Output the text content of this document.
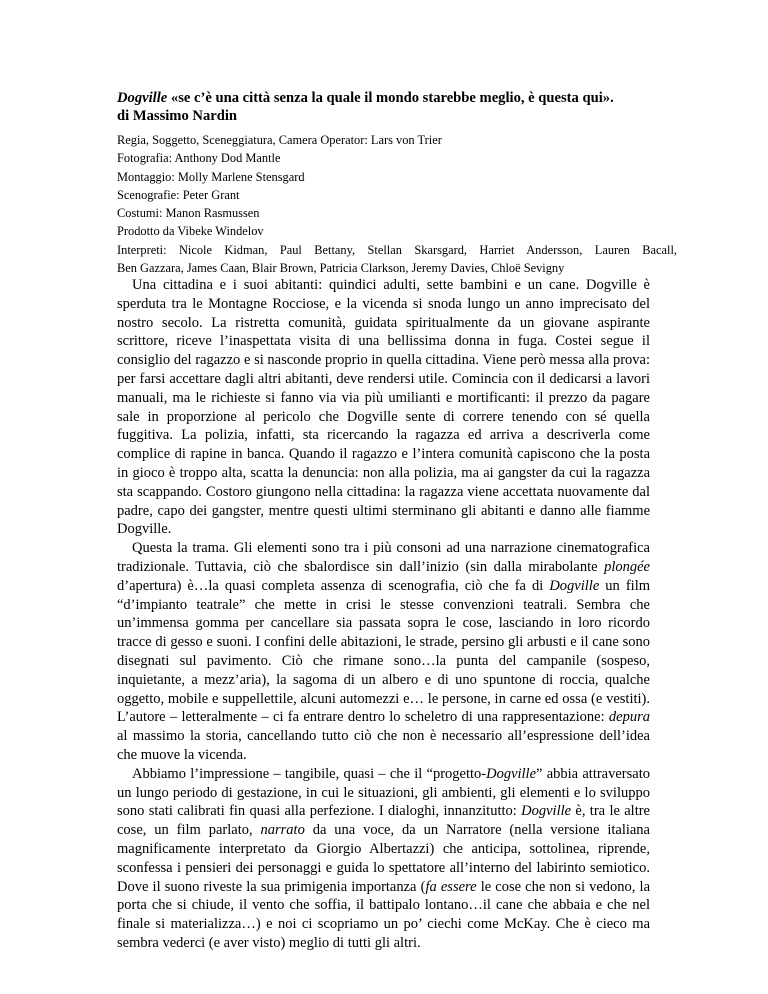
Dogville «se c’è una città senza la quale il mondo starebbe meglio, è questa qui».
di Massimo Nardin
Regia, Soggetto, Sceneggiatura, Camera Operator: Lars von Trier
Fotografia: Anthony Dod Mantle
Montaggio: Molly Marlene Stensgard
Scenografie: Peter Grant
Costumi: Manon Rasmussen
Prodotto da Vibeke Windelov
Interpreti: Nicole Kidman, Paul Bettany, Stellan Skarsgard, Harriet Andersson, Lauren Bacall,
Ben Gazzara, James Caan, Blair Brown, Patricia Clarkson, Jeremy Davies, Chloë Sevigny

Una cittadina e i suoi abitanti: quindici adulti, sette bambini e un cane. Dogville è sperduta tra le Montagne Rocciose, e la vicenda si snoda lungo un anno imprecisato del nostro secolo. La ristretta comunità, guidata spiritualmente da un giovane aspirante scrittore, riceve l’inaspettata visita di una bellissima donna in fuga. Costei segue il consiglio del ragazzo e si nasconde proprio in quella cittadina. Viene però messa alla prova: per farsi accettare dagli altri abitanti, deve rendersi utile. Comincia con il dedicarsi a lavori manuali, ma le richieste si fanno via via più umilianti e mortificanti: il prezzo da pagare sale in proporzione al pericolo che Dogville sente di correre tenendo con sé quella fuggitiva. La polizia, infatti, sta ricercando la ragazza ed arriva a descriverla come complice di rapine in banca. Quando il ragazzo e l’intera comunità capiscono che la posta in gioco è troppo alta, scatta la denuncia: non alla polizia, ma ai gangster da cui la ragazza sta scappando. Costoro giungono nella cittadina: la ragazza viene accettata nuovamente dal padre, capo dei gangster, mentre questi ultimi sterminano gli abitanti e danno alle fiamme Dogville.

Questa la trama. Gli elementi sono tra i più consoni ad una narrazione cinematografica tradizionale. Tuttavia, ciò che sbalordisce sin dall’inizio (sin dalla mirabolante plongée d’apertura) è…la quasi completa assenza di scenografia, ciò che fa di Dogville un film “d’impianto teatrale” che mette in crisi le stesse convenzioni teatrali. Sembra che un’immensa gomma per cancellare sia passata sopra le cose, lasciando in loro ricordo tracce di gesso e suoni. I confini delle abitazioni, le strade, persino gli arbusti e il cane sono disegnati sul pavimento. Ciò che rimane sono…la punta del campanile (sospeso, inquietante, a mezz’aria), la sagoma di un albero e di uno spuntone di roccia, qualche oggetto, mobile e suppellettile, alcuni automezzi e… le persone, in carne ed ossa (e vestiti). L’autore – letteralmente – ci fa entrare dentro lo scheletro di una rappresentazione: depura al massimo la storia, cancellando tutto ciò che non è necessario all’espressione dell’idea che muove la vicenda.

Abbiamo l’impressione – tangibile, quasi – che il “progetto-Dogville” abbia attraversato un lungo periodo di gestazione, in cui le situazioni, gli ambienti, gli elementi e lo sviluppo sono stati calibrati fin quasi alla perfezione. I dialoghi, innanzitutto: Dogville è, tra le altre cose, un film parlato, narrato da una voce, da un Narratore (nella versione italiana magnificamente interpretato da Giorgio Albertazzi) che anticipa, sottolinea, riprende, sconfessa i pensieri dei personaggi e guida lo spettatore all’interno del labirinto semiotico. Dove il suono riveste la sua primigenia importanza (fa essere le cose che non si vedono, la porta che si chiude, il vento che soffia, il battipalo lontano…il cane che abbaia e che nel finale si materializza…) e noi ci scopriamo un po’ ciechi come McKay. Che è cieco ma sembra vederci (e aver visto) meglio di tutti gli altri.
